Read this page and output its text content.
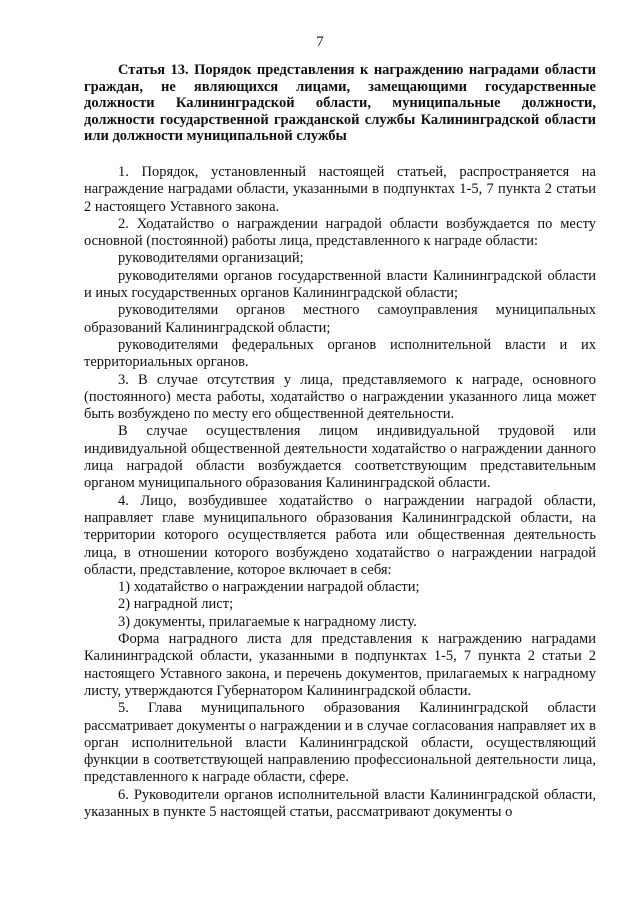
7
Статья 13. Порядок представления к награждению наградами области граждан, не являющихся лицами, замещающими государственные должности Калининградской области, муниципальные должности, должности государственной гражданской службы Калининградской области или должности муниципальной службы

1. Порядок, установленный настоящей статьей, распространяется на награждение наградами области, указанными в подпунктах 1-5, 7 пункта 2 статьи 2 настоящего Уставного закона.

2. Ходатайство о награждении наградой области возбуждается по месту основной (постоянной) работы лица, представленного к награде области:

руководителями организаций;

руководителями органов государственной власти Калининградской области и иных государственных органов Калининградской области;

руководителями органов местного самоуправления муниципальных образований Калининградской области;

руководителями федеральных органов исполнительной власти и их территориальных органов.

3. В случае отсутствия у лица, представляемого к награде, основного (постоянного) места работы, ходатайство о награждении указанного лица может быть возбуждено по месту его общественной деятельности.

В случае осуществления лицом индивидуальной трудовой или индивидуальной общественной деятельности ходатайство о награждении данного лица наградой области возбуждается соответствующим представительным органом муниципального образования Калининградской области.

4. Лицо, возбудившее ходатайство о награждении наградой области, направляет главе муниципального образования Калининградской области, на территории которого осуществляется работа или общественная деятельность лица, в отношении которого возбуждено ходатайство о награждении наградой области, представление, которое включает в себя:

1) ходатайство о награждении наградой области;

2) наградной лист;

3) документы, прилагаемые к наградному листу.

Форма наградного листа для представления к награждению наградами Калининградской области, указанными в подпунктах 1-5, 7 пункта 2 статьи 2 настоящего Уставного закона, и перечень документов, прилагаемых к наградному листу, утверждаются Губернатором Калининградской области.

5. Глава муниципального образования Калининградской области рассматривает документы о награждении и в случае согласования направляет их в орган исполнительной власти Калининградской области, осуществляющий функции в соответствующей направлению профессиональной деятельности лица, представленного к награде области, сфере.

6. Руководители органов исполнительной власти Калининградской области, указанных в пункте 5 настоящей статьи, рассматривают документы о
